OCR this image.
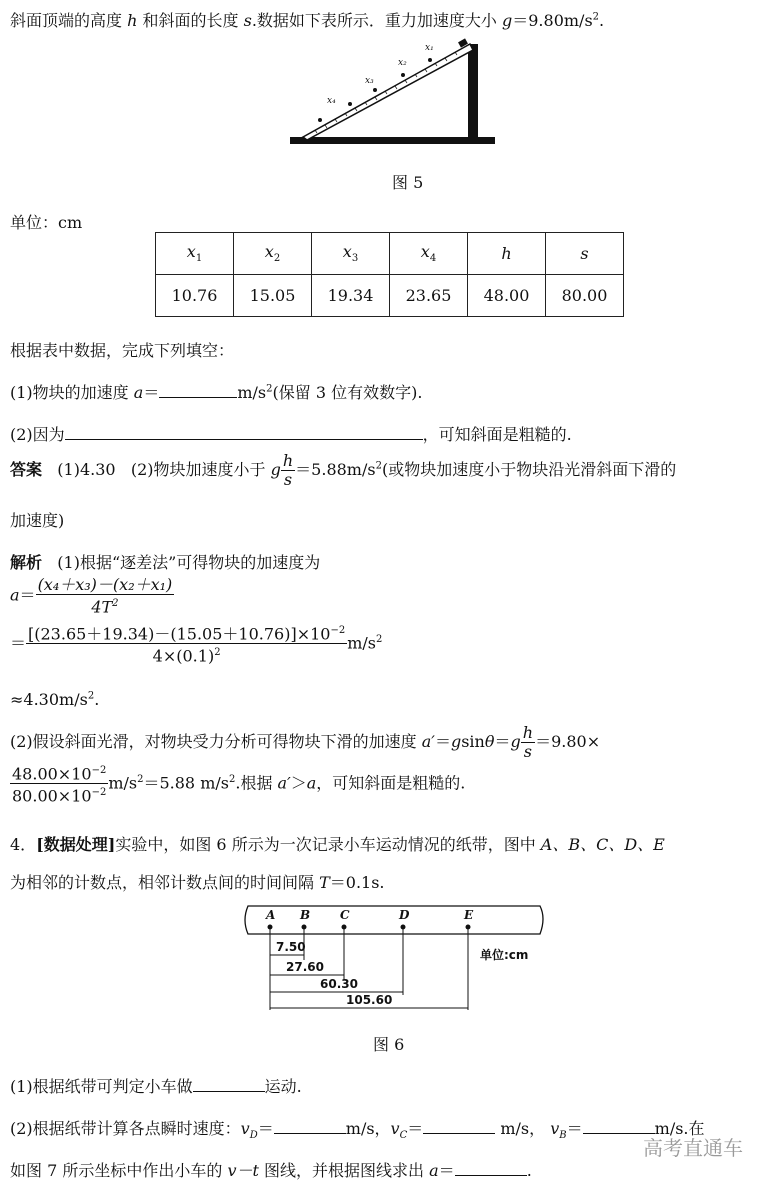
斜面顶端的高度 h 和斜面的长度 s.数据如下表所示．重力加速度大小 $g=9.80m/s^2$.
x₁
x₂
x₃
x₄
图 5
单位：cm
$x_1$	$x_2$	$x_3$	$x_4$	h	s
10.76	15.05	19.34	23.65	48.00	80.00
根据表中数据，完成下列填空：
(1)物块的加速度 a＝	$m/s^2$(保留 3 位有效数字).
(2)因为	，可知斜面是粗糙的.
答案 (1)4.30 (2)物块加速度小于 g $\frac{h}{s} =5.88m/s^2$(或物块加速度小于物块沿光滑斜面下滑的
加速度)
解析 (1)根据“逐差法”可得物块的加速度为
$a= \frac{\text{(x₄＋x₃)－(x₂＋x₁)}}{4T^2}$
＝ $\frac{[(23.65+19.34)-(15.05+10.76)]\times 10^{-2}}{4\times(0.1)^2} m/s^2$
$\approx 4.30m/s^2$.
(2)假设斜面光滑，对物块受力分析可得物块下滑的加速度 $a'=gsin\theta=g \frac{h}{s} =9.80\times$
$\frac{48.00\times 10^{-2}}{80.00\times 10^{-2}} m/s^2=5.88$ $m/s^2$.根据 a′＞a，可知斜面是粗糙的.
4．[数据处理]实验中，如图 6 所示为一次记录小车运动情况的纸带，图中 A、B、C、D、E
为相邻的计数点，相邻计数点间的时间间隔 T＝0.1s.
A B C	D	E
7.50
27.60
60.30
105.60
单位:cm
图 6
(1)根据纸带可判定小车做	运动.
(2)根据纸带计算各点瞬时速度：$v_D=$	m/s，$v_C=$	m/s， $v_B=$	m/s.在
如图 7 所示坐标中作出小车的 v－t 图线，并根据图线求出 a＝	.
高考直通车
